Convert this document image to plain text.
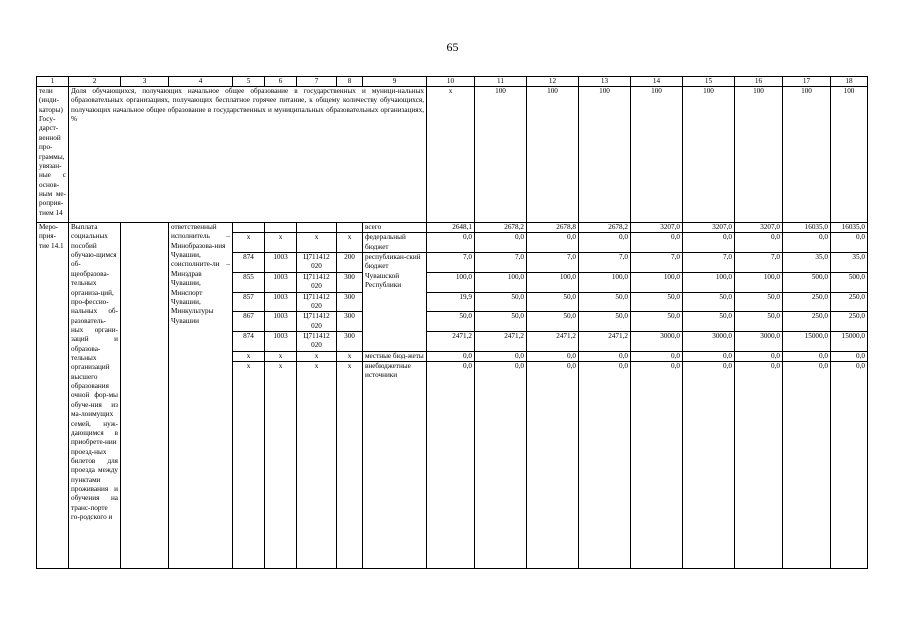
65
1	2	3	4	5	6	7	8	9	10	11	12	13	14	15	16	17	18
тели (инди-каторы) Госу-дарст-венной про-граммы, увязан-ные с основ-ным ме-роприя-тием 14	Доля обучающихся, получающих начальное общее образование в государственных и муници-нальных образовательных организациях, получающих бесплатное горячее питание, к общему количеству обучающихся, получающих начальное общее образование в государственных и муниципальных образовательных организациях, %								x	100	100	100	100	100	100	100	100
Меро-прия-тие 14.1	Выплата социальных пособий обучаю-щимся об-щеобразова-тельных организа-ций, про-фессио-нальных об-разователь-ных органи-заций и образова-тельных организаций высшего образования очной фор-мы обуче-ния из ма-лоимущих семей, нуж-дающимся в приобрете-нии проезд-ных билетов для проезда между пунктами проживания и обучения на транс-порте го-родского и		ответственный исполнитель – Минобразова-ния Чувашии, соисполните-ли – Минздрав Чувашии, Минспорт Чувашии, Минкультуры Чувашии					всего	2648,1	2678,2	2678,8	2678,2	3207,0	3207,0	3207,0	16035,0	16035,0
				x	x	x	x	федеральный бюджет	0,0	0,0	0,0	0,0	0,0	0,0	0,0	0,0	0,0
				874	1003	Ц711412 020	200	республикан-ский бюджет Чувашской Республики	7,0	7,0	7,0	7,0	7,0	7,0	7,0	35,0	35,0
				855	1003	Ц711412 020	300		100,0	100,0	100,0	100,0	100,0	100,0	100,0	500,0	500,0
				857	1003	Ц711412 020	300		19,9	50,0	50,0	50,0	50,0	50,0	50,0	250,0	250,0
				867	1003	Ц711412 020	300		50,0	50,0	50,0	50,0	50,0	50,0	50,0	250,0	250,0
				874	1003	Ц711412 020	300		2471,2	2471,2	2471,2	2471,2	3000,0	3000,0	3000,0	15000,0	15000,0
				x	x	x	x	местные бюд-жеты	0,0	0,0	0,0	0,0	0,0	0,0	0,0	0,0	0,0
				x	x	x	x	внебюджетные источники	0,0	0,0	0,0	0,0	0,0	0,0	0,0	0,0	0,0
